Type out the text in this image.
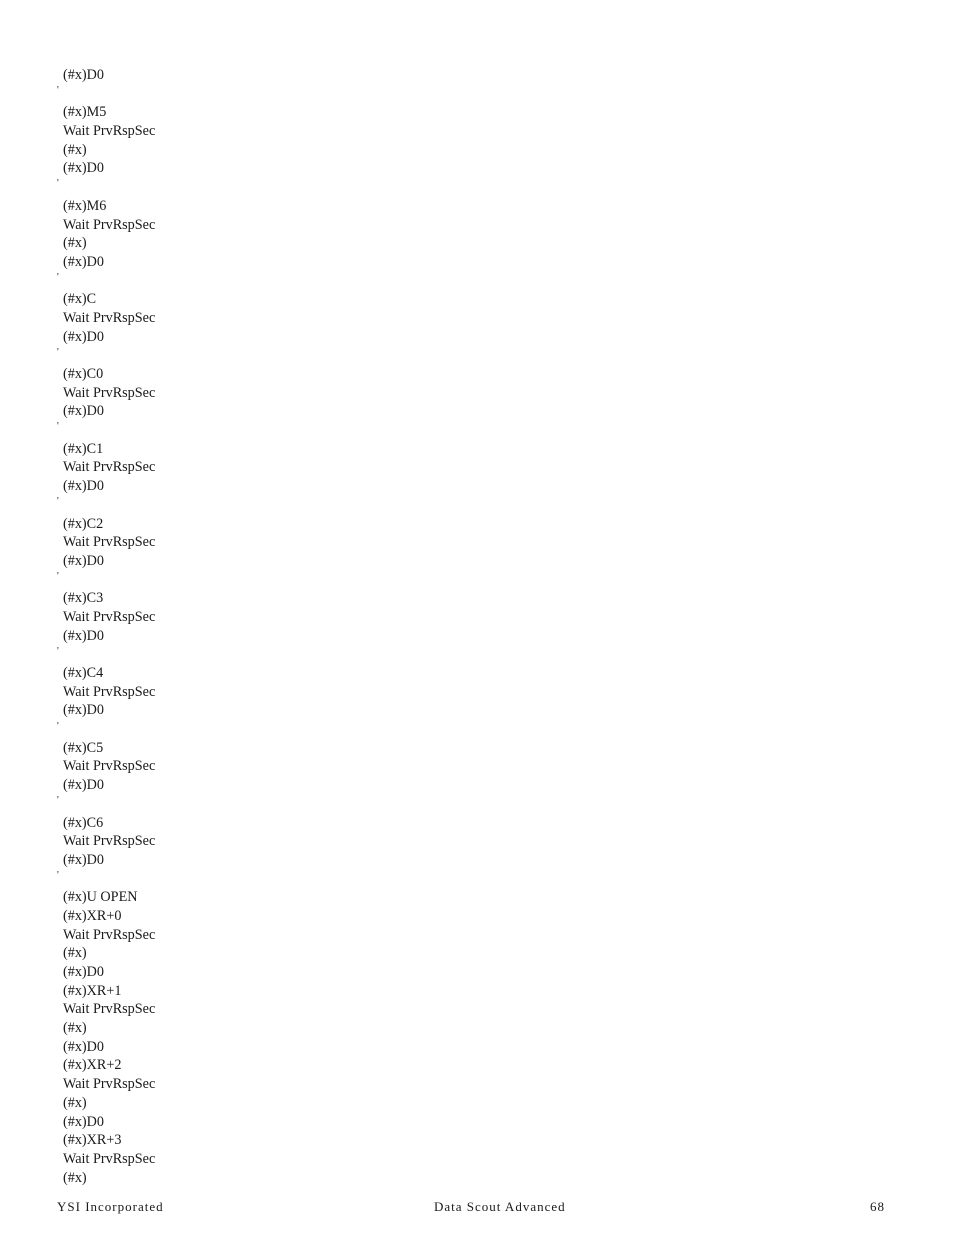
(#x)D0
(#x)M5
Wait PrvRspSec
(#x)
(#x)D0
(#x)M6
Wait PrvRspSec
(#x)
(#x)D0
(#x)C
Wait PrvRspSec
(#x)D0
(#x)C0
Wait PrvRspSec
(#x)D0
(#x)C1
Wait PrvRspSec
(#x)D0
(#x)C2
Wait PrvRspSec
(#x)D0
(#x)C3
Wait PrvRspSec
(#x)D0
(#x)C4
Wait PrvRspSec
(#x)D0
(#x)C5
Wait PrvRspSec
(#x)D0
(#x)C6
Wait PrvRspSec
(#x)D0
(#x)U OPEN
(#x)XR+0
Wait PrvRspSec
(#x)
(#x)D0
(#x)XR+1
Wait PrvRspSec
(#x)
(#x)D0
(#x)XR+2
Wait PrvRspSec
(#x)
(#x)D0
(#x)XR+3
Wait PrvRspSec
(#x)
YSI Incorporated	Data Scout Advanced	68
'
'
'
'
'
'
'
'
'
'
'
